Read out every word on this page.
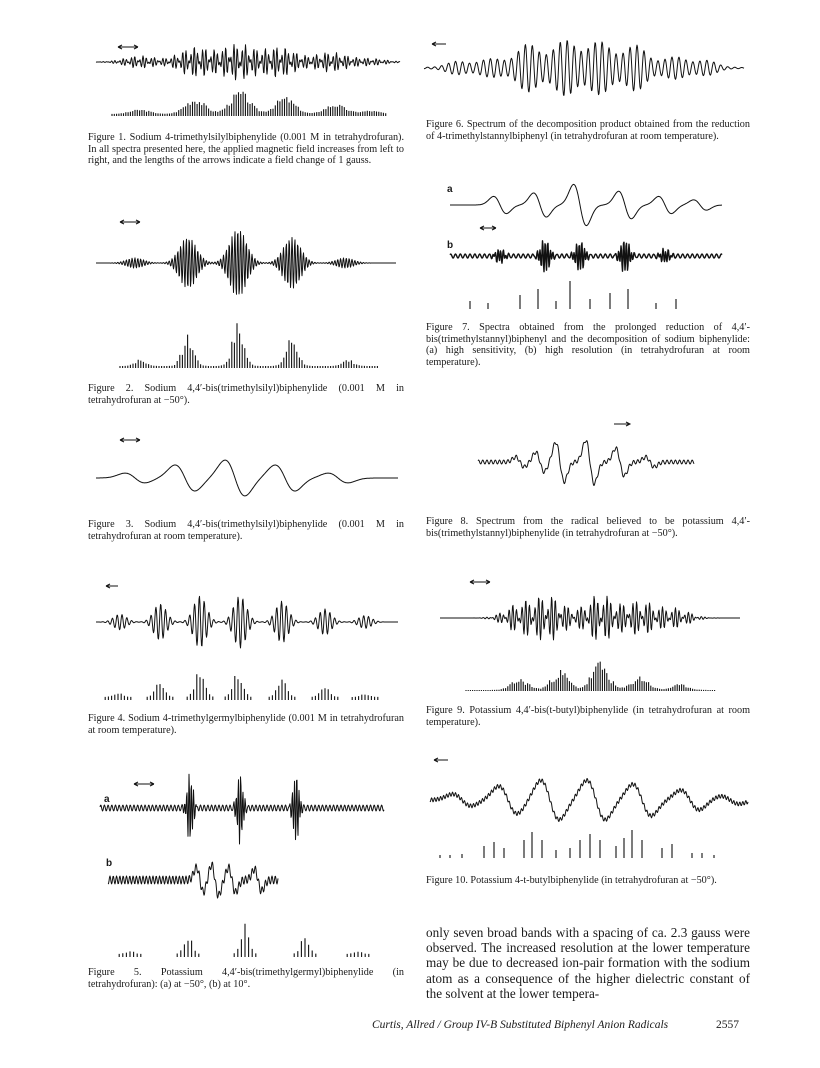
Figure 1. Sodium 4-trimethylsilylbiphenylide (0.001 M in tetrahydrofuran). In all spectra presented here, the applied magnetic field increases from left to right, and the lengths of the arrows indicate a field change of 1 gauss.
Figure 2. Sodium 4,4′-bis(trimethylsilyl)biphenylide (0.001 M in tetrahydrofuran at −50°).
Figure 3. Sodium 4,4′-bis(trimethylsilyl)biphenylide (0.001 M in tetrahydrofuran at room temperature).
Figure 4. Sodium 4-trimethylgermylbiphenylide (0.001 M in tetrahydrofuran at room temperature).
a
b
Figure 5. Potassium 4,4′-bis(trimethylgermyl)biphenylide (in tetrahydrofuran): (a) at −50°, (b) at 10°.
Figure 6. Spectrum of the decomposition product obtained from the reduction of 4-trimethylstannylbiphenyl (in tetrahydrofuran at room temperature).
a
b
Figure 7. Spectra obtained from the prolonged reduction of 4,4′-bis(trimethylstannyl)biphenyl and the decomposition of sodium biphenylide: (a) high sensitivity, (b) high resolution (in tetrahydrofuran at room temperature).
Figure 8. Spectrum from the radical believed to be potassium 4,4′-bis(trimethylstannyl)biphenylide (in tetrahydrofuran at −50°).
Figure 9. Potassium 4,4′-bis(t-butyl)biphenylide (in tetrahydrofuran at room temperature).
Figure 10. Potassium 4-t-butylbiphenylide (in tetrahydrofuran at −50°).
only seven broad bands with a spacing of ca. 2.3 gauss were observed. The increased resolution at the lower temperature may be due to decreased ion-pair formation with the sodium atom as a consequence of the higher dielectric constant of the solvent at the lower tempera-
Curtis, Allred / Group IV-B Substituted Biphenyl Anion Radicals	2557
